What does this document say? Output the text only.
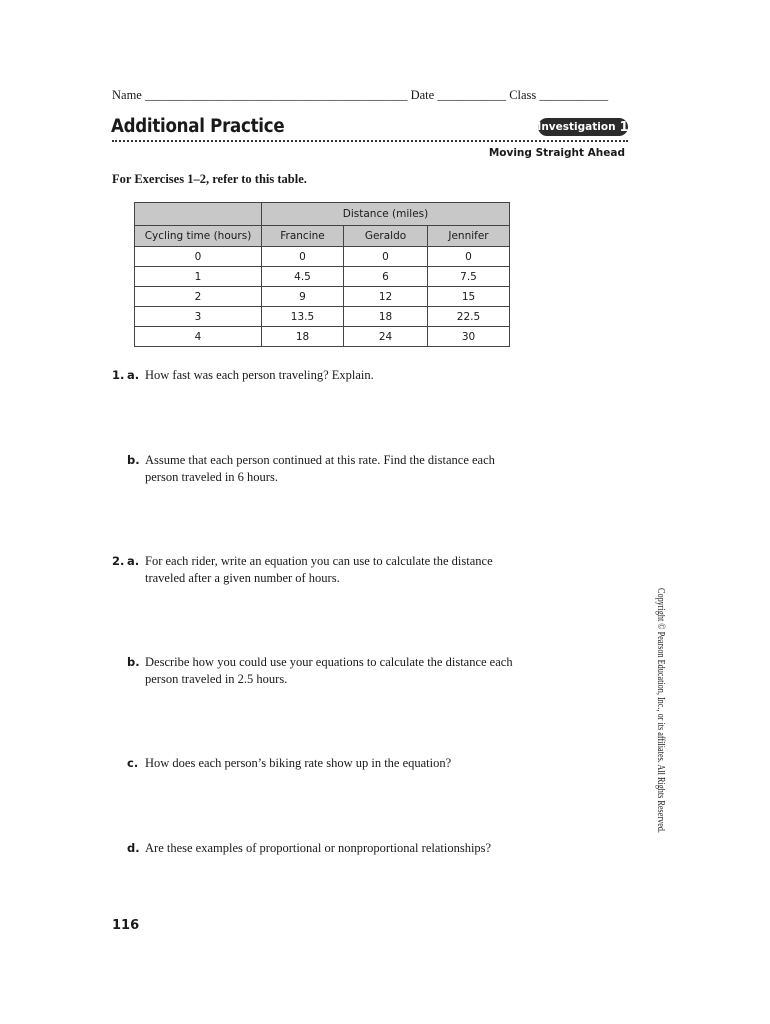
Name __________________________________________ Date ___________ Class ___________
Additional Practice	Investigation 1
Moving Straight Ahead
For Exercises 1–2, refer to this table.
	Distance (miles)		
Cycling time (hours)	Francine	Geraldo	Jennifer
0	0	0	0
1	4.5	6	7.5
2	9	12	15
3	13.5	18	22.5
4	18	24	30
1. a. How fast was each person traveling? Explain.
b. Assume that each person continued at this rate. Find the distance each person traveled in 6 hours.
2. a. For each rider, write an equation you can use to calculate the distance traveled after a given number of hours.
b. Describe how you could use your equations to calculate the distance each person traveled in 2.5 hours.
c. How does each person’s biking rate show up in the equation?
d. Are these examples of proportional or nonproportional relationships?
Copyright © Pearson Education, Inc., or its affiliates. All Rights Reserved.
116
